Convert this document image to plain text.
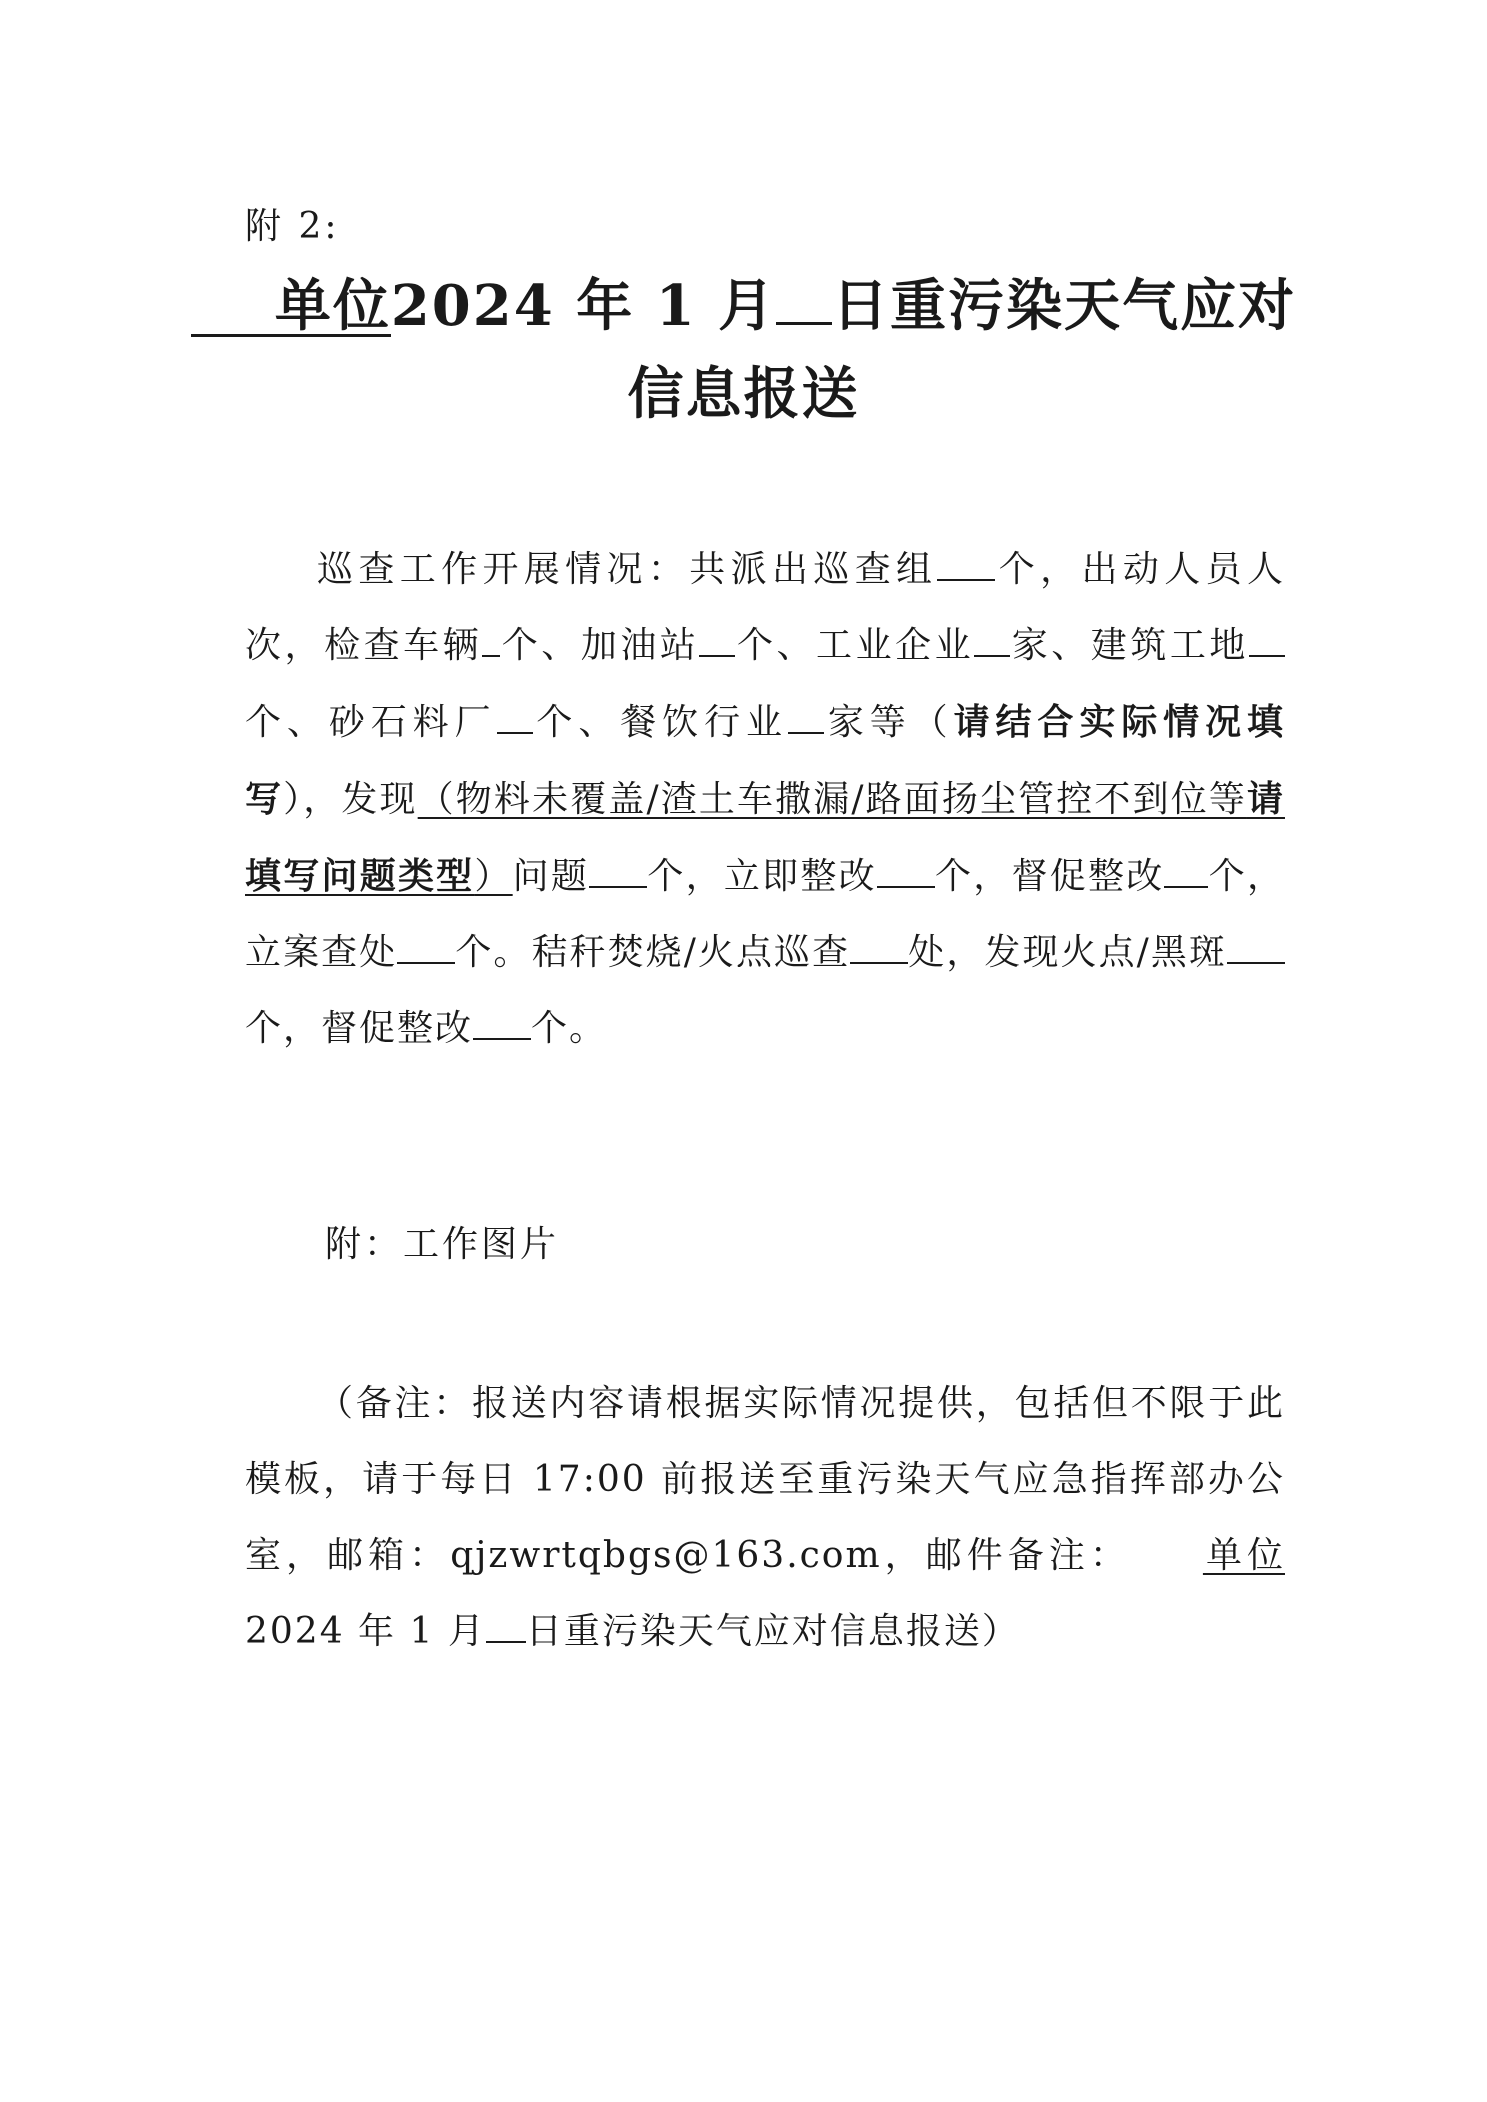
附 2:
单位2024 年 1 月 日重污染天气应对
信息报送
巡查工作开展情况：共派出巡查组 个，出动人员人次，检查车辆 个、加油站 个、工业企业 家、建筑工地个、砂石料厂 个、餐饮行业 家等（请结合实际情况填写），发现（物料未覆盖/渣土车撒漏/路面扬尘管控不到位等请填写问题类型）问题 个，立即整改 个，督促整改 个，立案查处 个。秸秆焚烧/火点巡查 处，发现火点/黑斑个，督促整改 个。
附：工作图片
（备注：报送内容请根据实际情况提供，包括但不限于此模板，请于每日 17:00 前报送至重污染天气应急指挥部办公室，邮箱：qjzwrtqbgs@163.com，邮件备注： 单位2024 年 1 月 日重污染天气应对信息报送）
